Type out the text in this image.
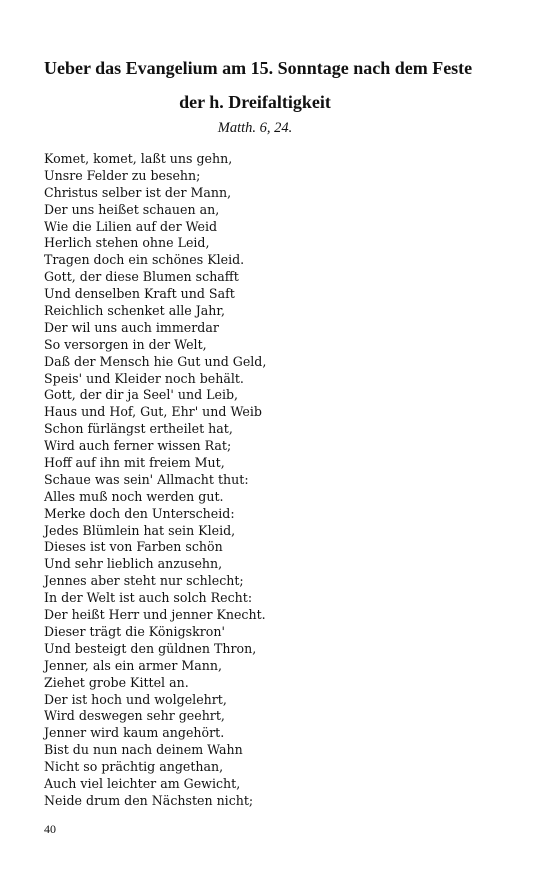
Ueber das Evangelium am 15. Sonntage nach dem Feste
der h. Dreifaltigkeit
Matth. 6, 24.
Komet, komet, laßt uns gehn,
Unsre Felder zu besehn;
Christus selber ist der Mann,
Der uns heißet schauen an,
Wie die Lilien auf der Weid
Herlich stehen ohne Leid,
Tragen doch ein schönes Kleid.
Gott, der diese Blumen schafft
Und denselben Kraft und Saft
Reichlich schenket alle Jahr,
Der wil uns auch immerdar
So versorgen in der Welt,
Daß der Mensch hie Gut und Geld,
Speis' und Kleider noch behält.
Gott, der dir ja Seel' und Leib,
Haus und Hof, Gut, Ehr' und Weib
Schon fürlängst ertheilet hat,
Wird auch ferner wissen Rat;
Hoff auf ihn mit freiem Mut,
Schaue was sein' Allmacht thut:
Alles muß noch werden gut.
Merke doch den Unterscheid:
Jedes Blümlein hat sein Kleid,
Dieses ist von Farben schön
Und sehr lieblich anzusehn,
Jennes aber steht nur schlecht;
In der Welt ist auch solch Recht:
Der heißt Herr und jenner Knecht.
Dieser trägt die Königskron'
Und besteigt den güldnen Thron,
Jenner, als ein armer Mann,
Ziehet grobe Kittel an.
Der ist hoch und wolgelehrt,
Wird deswegen sehr geehrt,
Jenner wird kaum angehört.
Bist du nun nach deinem Wahn
Nicht so prächtig angethan,
Auch viel leichter am Gewicht,
Neide drum den Nächsten nicht;
40
